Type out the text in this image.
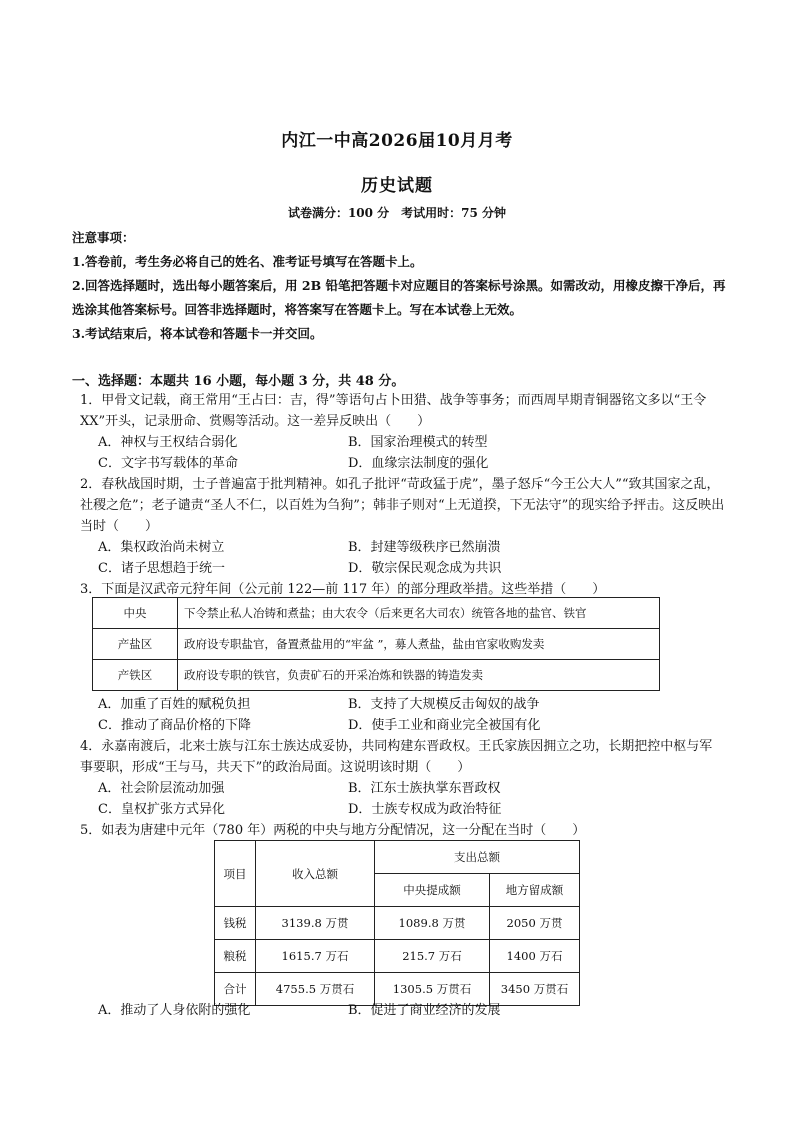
内江一中高2026届10月月考
历史试题
试卷满分：100 分　考试用时：75 分钟

注意事项：

1.答卷前，考生务必将自己的姓名、准考证号填写在答题卡上。

2.回答选择题时，选出每小题答案后，用 2B 铅笔把答题卡对应题目的答案标号涂黑。如需改动，用橡皮擦干净后，再选涂其他答案标号。回答非选择题时，将答案写在答题卡上。写在本试卷上无效。

3.考试结束后，将本试卷和答题卡一并交回。

一、选择题：本题共 16 小题，每小题 3 分，共 48 分。

1．甲骨文记载，商王常用“王占曰：吉，得”等语句占卜田猎、战争等事务；而西周早期青铜器铭文多以“王令 XX”开头，记录册命、赏赐等活动。这一差异反映出（　　）

A．神权与王权结合弱化	B．国家治理模式的转型
C．文字书写载体的革命	D．血缘宗法制度的强化

2．春秋战国时期，士子普遍富于批判精神。如孔子批评“苛政猛于虎”，墨子怒斥“今王公大人”“致其国家之乱，社稷之危”；老子谴责“圣人不仁，以百姓为刍狗”；韩非子则对“上无道揆，下无法守”的现实给予抨击。这反映出当时（　　）

A．集权政治尚未树立	B．封建等级秩序已然崩溃
C．诸子思想趋于统一	D．敬宗保民观念成为共识

3．下面是汉武帝元狩年间（公元前 122—前 117 年）的部分理政举措。这些举措（　　）

中央	下令禁止私人冶铸和煮盐；由大农令（后来更名大司农）统管各地的盐官、铁官
产盐区	政府设专职盐官，备置煮盐用的“牢盆 ”，募人煮盐，盐由官家收购发卖
产铁区	政府设专职的铁官，负责矿石的开采冶炼和铁器的铸造发卖
A．加重了百姓的赋税负担	B．支持了大规模反击匈奴的战争
C．推动了商品价格的下降	D．使手工业和商业完全被国有化

4．永嘉南渡后，北来士族与江东士族达成妥协，共同构建东晋政权。王氏家族因拥立之功，长期把控中枢与军事要职，形成“王与马，共天下”的政治局面。这说明该时期（　　）

A．社会阶层流动加强	B．江东士族执掌东晋政权
C．皇权扩张方式异化	D．士族专权成为政治特征

5．如表为唐建中元年（780 年）两税的中央与地方分配情况，这一分配在当时（　　）

项目	收入总额	支出总额	
		中央提成额	地方留成额
钱税	3139.8 万贯	1089.8 万贯	2050 万贯
粮税	1615.7 万石	215.7 万石	1400 万石
合计	4755.5 万贯石	1305.5 万贯石	3450 万贯石
A．推动了人身依附的强化	B．促进了商业经济的发展
